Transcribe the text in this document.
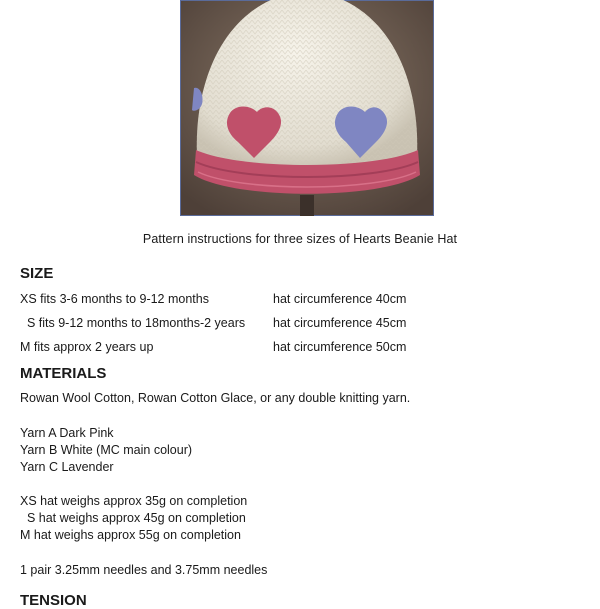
Pattern instructions for three sizes of Hearts Beanie Hat
SIZE
XS fits 3-6 months to 9-12 months	hat circumference 40cm
S fits 9-12 months to 18months-2 years hat circumference 45cm
M fits approx 2 years up	hat circumference 50cm
MATERIALS
Rowan Wool Cotton, Rowan Cotton Glace, or any double knitting yarn.
Yarn A Dark Pink
Yarn B White (MC main colour)
Yarn C Lavender
XS hat weighs approx 35g on completion
S hat weighs approx 45g on completion
M hat weighs approx 55g on completion
1 pair 3.25mm needles and 3.75mm needles
TENSION
